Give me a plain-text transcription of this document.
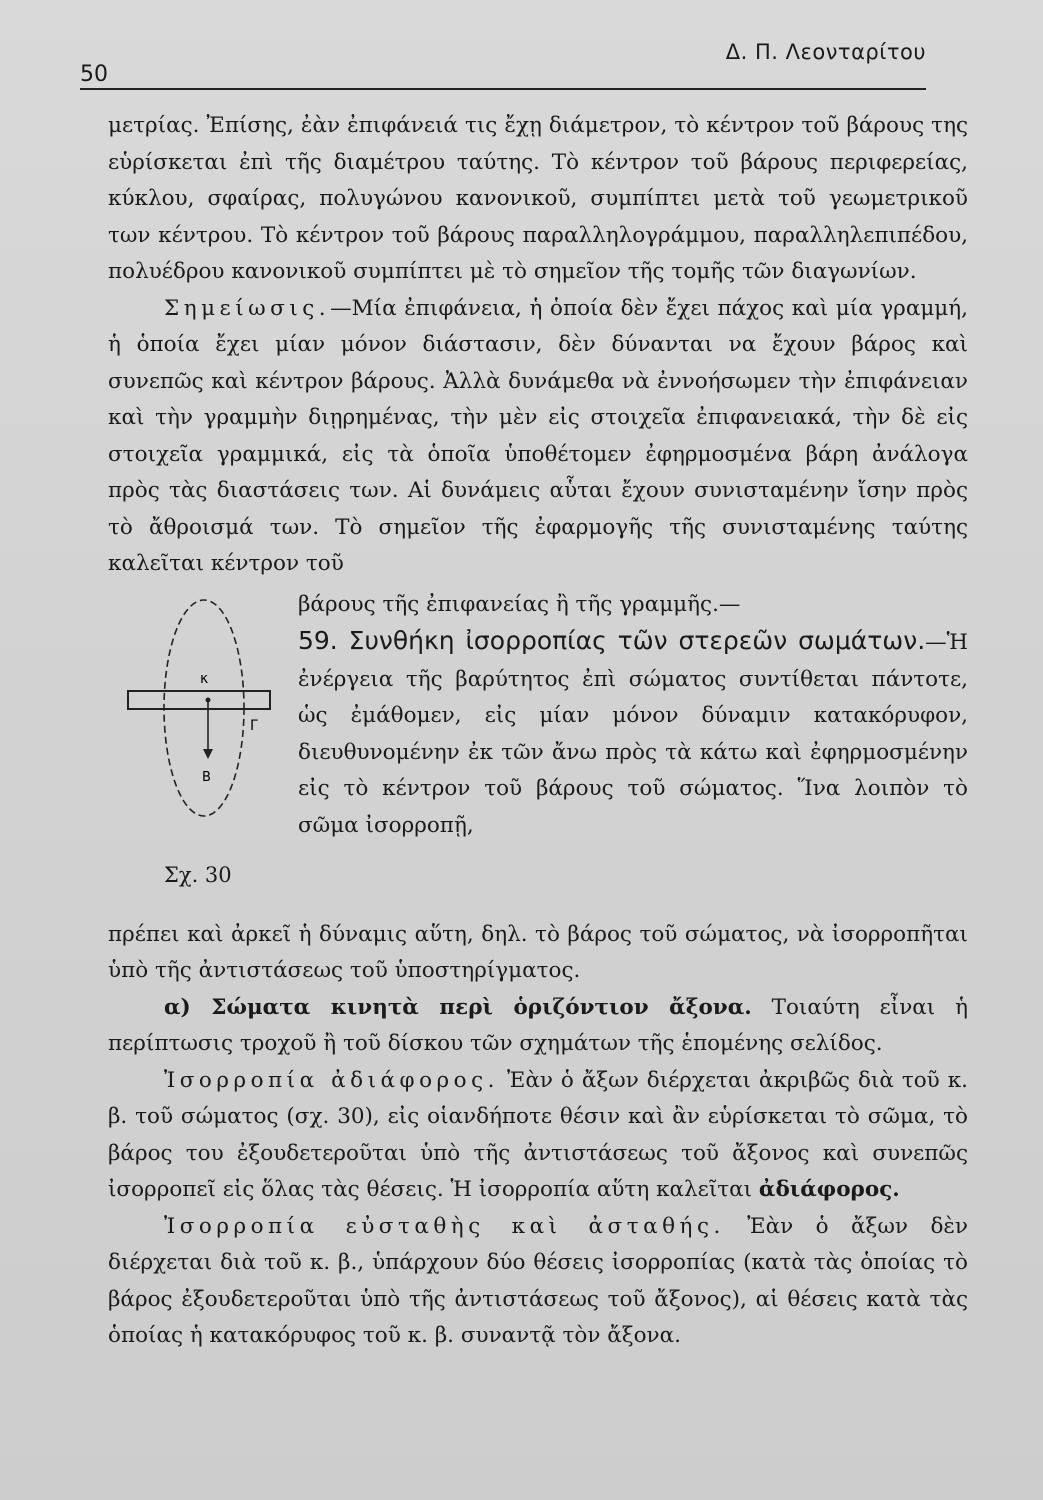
50
Δ. Π. Λεονταρίτου

μετρίας. Ἐπίσης, ἐὰν ἐπιφάνειά τις ἔχῃ διάμετρον, τὸ κέντρον τοῦ βάρους της εὑρίσκεται ἐπὶ τῆς διαμέτρου ταύτης. Τὸ κέντρον τοῦ βάρους περιφερείας, κύκλου, σφαίρας, πολυγώνου κανονικοῦ, συμπίπτει μετὰ τοῦ γεωμετρικοῦ των κέντρου. Τὸ κέντρον τοῦ βάρους παραλληλογράμμου, παραλληλεπιπέδου, πολυέδρου κανονικοῦ συμπίπτει μὲ τὸ σημεῖον τῆς τομῆς τῶν διαγωνίων.

Σημείωσις.—Μία ἐπιφάνεια, ἡ ὁποία δὲν ἔχει πάχος καὶ μία γραμμή, ἡ ὁποία ἔχει μίαν μόνον διάστασιν, δὲν δύνανται να ἔχουν βάρος καὶ συνεπῶς καὶ κέντρον βάρους. Ἀλλὰ δυνάμεθα νὰ ἐννοήσωμεν τὴν ἐπιφάνειαν καὶ τὴν γραμμὴν διῃρημένας, τὴν μὲν εἰς στοιχεῖα ἐπιφανειακά, τὴν δὲ εἰς στοιχεῖα γραμμικά, εἰς τὰ ὁποῖα ὑποθέτομεν ἐφηρμοσμένα βάρη ἀνάλογα πρὸς τὰς διαστάσεις των. Αἱ δυνάμεις αὗται ἔχουν συνισταμένην ἴσην πρὸς τὸ ἄθροισμά των. Τὸ σημεῖον τῆς ἐφαρμογῆς τῆς συνισταμένης ταύτης καλεῖται κέντρον τοῦ

κ
Γ
Β
Σχ. 30

βάρους τῆς ἐπιφανείας ἢ τῆς γραμμῆς.—

59. Συνθήκη ἰσορροπίας τῶν στερεῶν σωμάτων.—Ἡ ἐνέργεια τῆς βαρύτητος ἐπὶ σώματος συντίθεται πάντοτε, ὡς ἐμάθομεν, εἰς μίαν μόνον δύναμιν κατακόρυφον, διευθυνομένην ἐκ τῶν ἄνω πρὸς τὰ κάτω καὶ ἐφηρμοσμένην εἰς τὸ κέντρον τοῦ βάρους τοῦ σώματος. Ἵνα λοιπὸν τὸ σῶμα ἰσορροπῇ,

πρέπει καὶ ἀρκεῖ ἡ δύναμις αὕτη, δηλ. τὸ βάρος τοῦ σώματος, νὰ ἰσορροπῆται ὑπὸ τῆς ἀντιστάσεως τοῦ ὑποστηρίγματος.

α) Σώματα κινητὰ περὶ ὁριζόντιον ἄξονα. Τοιαύτη εἶναι ἡ περίπτωσις τροχοῦ ἢ τοῦ δίσκου τῶν σχημάτων τῆς ἑπομένης σελίδος.

Ἰσορροπία ἀδιάφορος. Ἐὰν ὁ ἄξων διέρχεται ἀκριβῶς διὰ τοῦ κ. β. τοῦ σώματος (σχ. 30), εἰς οἱανδήποτε θέσιν καὶ ἂν εὑρίσκεται τὸ σῶμα, τὸ βάρος του ἐξουδετεροῦται ὑπὸ τῆς ἀντιστάσεως τοῦ ἄξονος καὶ συνεπῶς ἰσορροπεῖ εἰς ὅλας τὰς θέσεις. Ἡ ἰσορροπία αὕτη καλεῖται ἀδιάφορος.

Ἰσορροπία εὐσταθὴς καὶ ἀσταθής. Ἐὰν ὁ ἄξων δὲν διέρχεται διὰ τοῦ κ. β., ὑπάρχουν δύο θέσεις ἰσορροπίας (κατὰ τὰς ὁποίας τὸ βάρος ἐξουδετεροῦται ὑπὸ τῆς ἀντιστάσεως τοῦ ἄξονος), αἱ θέσεις κατὰ τὰς ὁποίας ἡ κατακόρυφος τοῦ κ. β. συναντᾷ τὸν ἄξονα.
